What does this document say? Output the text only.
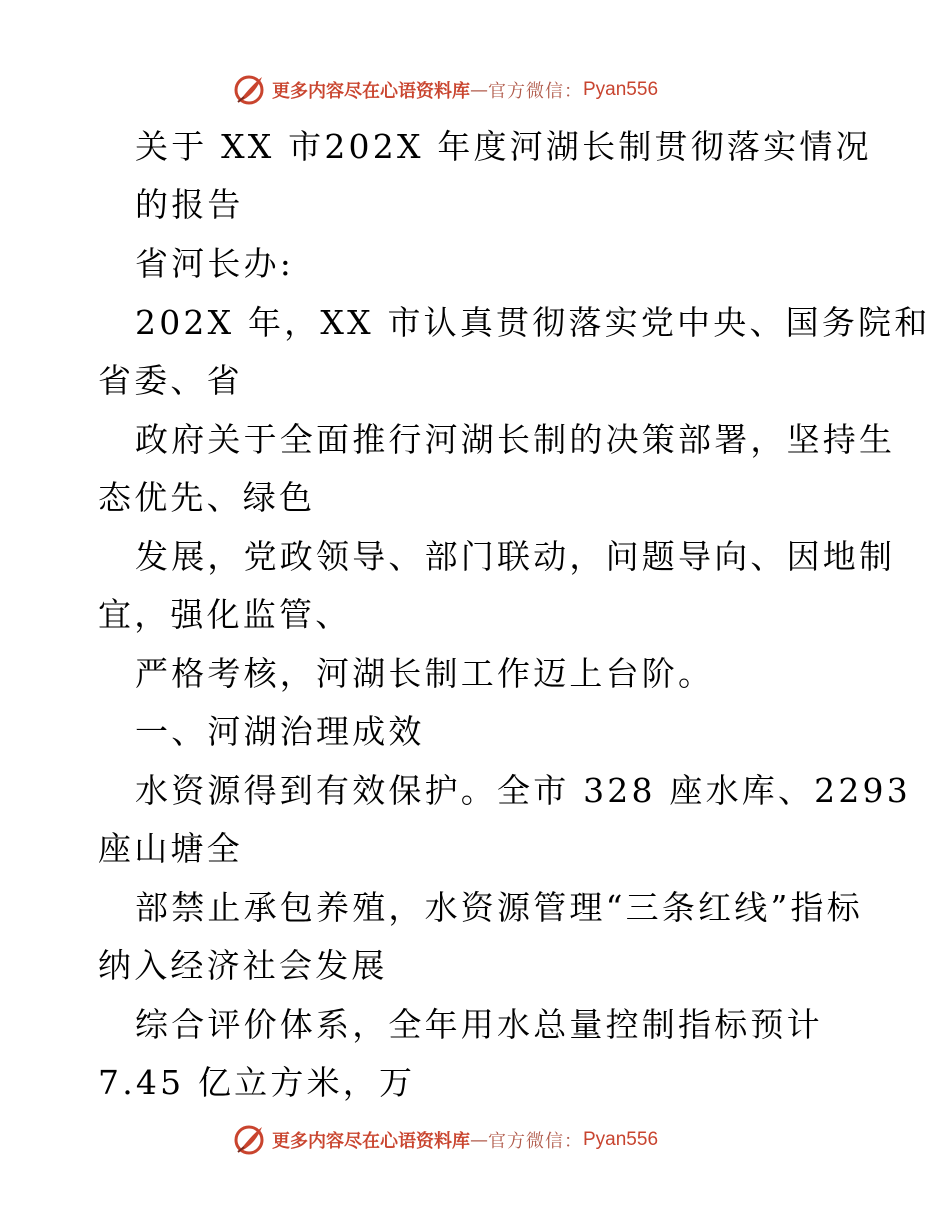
更多内容尽在心语资料库 — 官方微信： Pyan556
关于 XX 市202X 年度河湖长制贯彻落实情况
的报告
省河长办:
202X 年，XX 市认真贯彻落实党中央、国务院和
省委、省
政府关于全面推行河湖长制的决策部署，坚持生
态优先、绿色
发展，党政领导、部门联动，问题导向、因地制
宜，强化监管、
严格考核，河湖长制工作迈上台阶。
一、河湖治理成效
水资源得到有效保护。全市 328 座水库、2293
座山塘全
部禁止承包养殖，水资源管理“三条红线”指标
纳入经济社会发展
综合评价体系，全年用水总量控制指标预计
7.45 亿立方米，万
更多内容尽在心语资料库 — 官方微信： Pyan556
